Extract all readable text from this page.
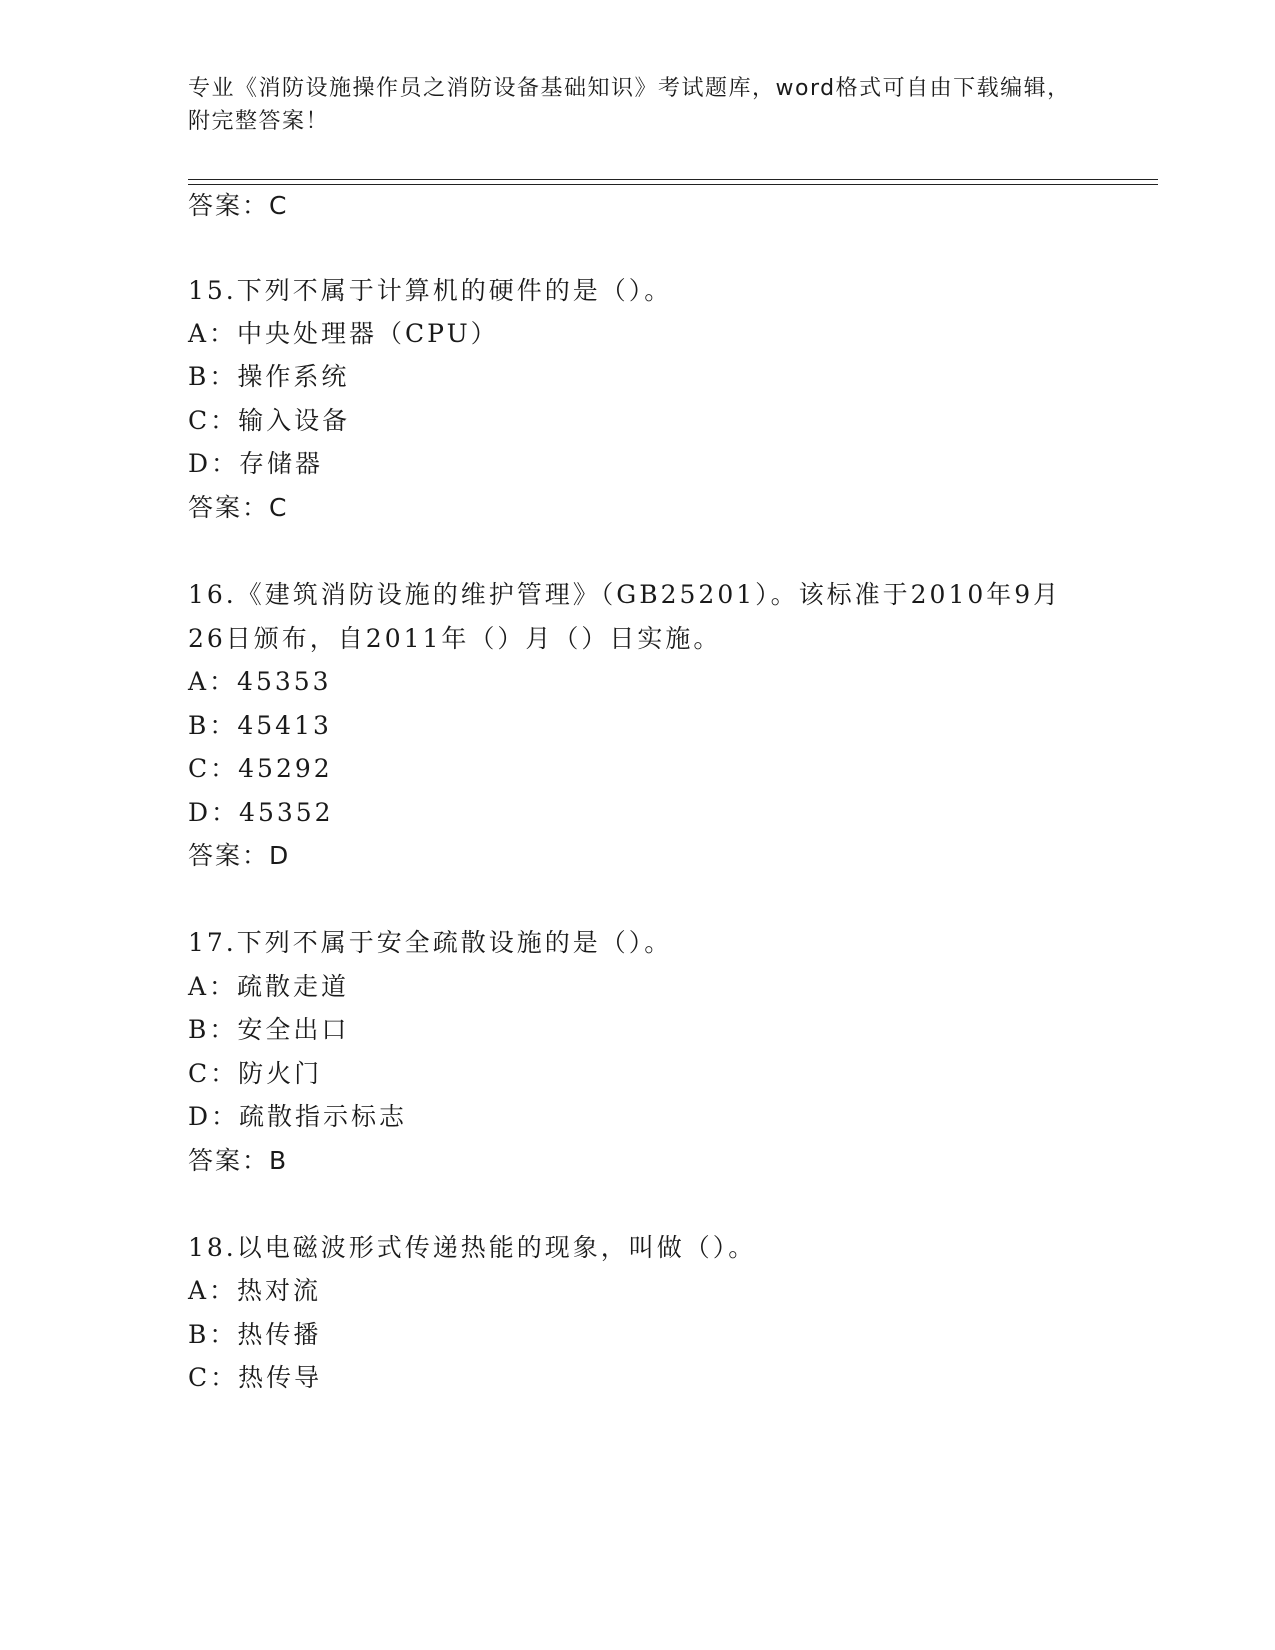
专业《消防设施操作员之消防设备基础知识》考试题库，word格式可自由下载编辑，附完整答案！
答案：C
15.下列不属于计算机的硬件的是（）。
A：中央处理器（CPU）
B：操作系统
C：输入设备
D：存储器
答案：C
16.《建筑消防设施的维护管理》（GB25201）。该标准于2010年9月
26日颁布，自2011年（）月（）日实施。
A：45353
B：45413
C：45292
D：45352
答案：D
17.下列不属于安全疏散设施的是（）。
A：疏散走道
B：安全出口
C：防火门
D：疏散指示标志
答案：B
18.以电磁波形式传递热能的现象，叫做（）。
A：热对流
B：热传播
C：热传导
